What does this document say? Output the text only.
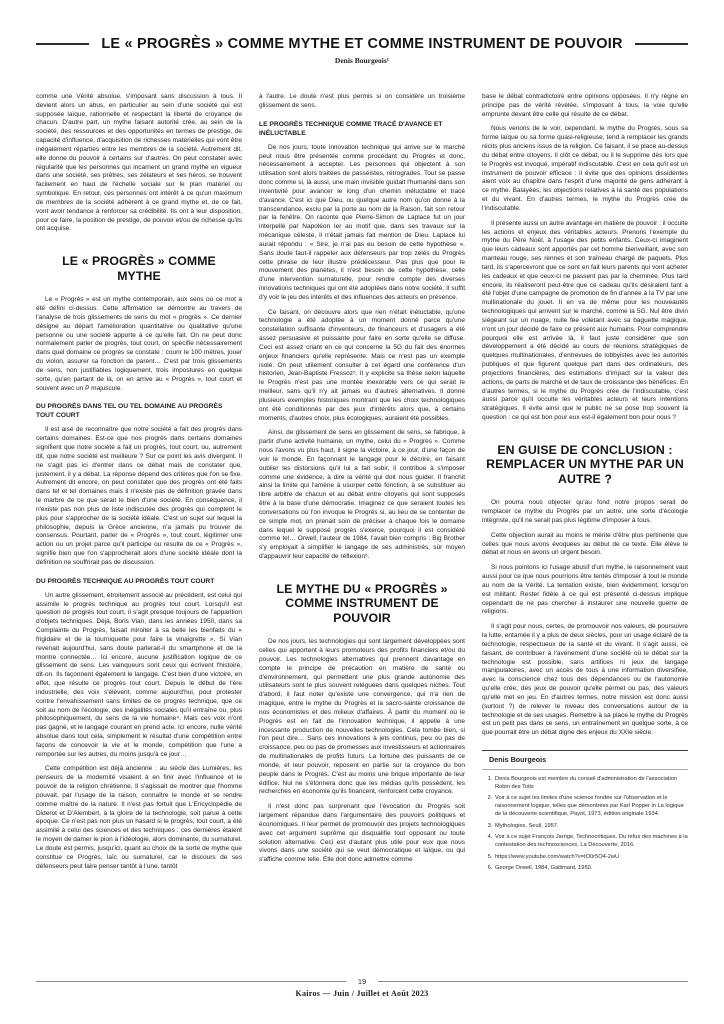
LE « PROGRÈS » COMME MYTHE ET COMME INSTRUMENT DE POUVOIR
Denis Bourgeois¹

comme une Vérité absolue, s'imposant sans discussion à tous. Il devient alors un abus, en particulier au sein d'une société qui est supposée laïque, rationnelle et respectant la liberté de croyance de chacun. D'autre part, un mythe faisant autorité crée, au sein de la société, des ressources et des opportunités en termes de prestige, de capacité d'influence, d'acquisition de richesses matérielles qui vont être inégalement réparties entre les membres de la société. Autrement dit, elle donne du pouvoir à certains sur d'autres. On peut constater avec régularité que les personnes qui incarnent un grand mythe en vigueur dans une société, ses prêtres, ses zélateurs et ses héros, se trouvent facilement en haut de l'échelle sociale sur le plan matériel ou symbolique. En retour, ces personnes ont intérêt à ce qu'un maximum de membres de la société adhèrent à ce grand mythe et, de ce fait, vont avoir tendance à renforcer sa crédibilité. Ils ont à leur disposition, pour ce faire, la position de prestige, de pouvoir et/ou de richesse qu'ils ont acquise.

LE « PROGRÈS » COMME MYTHE

Le « Progrès » est un mythe contemporain, aux sens où ce mot a été défini ci-dessus. Cette affirmation se démontre au travers de l'analyse de trois glissements de sens du mot « progrès ». Ce dernier désigne au départ l'amélioration quantitative ou qualitative qu'une personne ou une société apporte à ce qu'elle fait. On ne peut donc normalement parler de progrès, tout court, on spécifie nécessairement dans quel domaine ce progrès se constate : courir le 100 mètres, jouer du violon, assurer sa fonction de parent… C'est par trois glissements de sens, non justifiables logiquement, trois impostures en quelque sorte, qu'en partant de là, on en arrive au « Progrès », tout court et souvent avec un P majuscule.

DU PROGRÈS DANS TEL OU TEL DOMAINE AU PROGRÈS TOUT COURT

Il est aisé de reconnaître que notre société a fait des progrès dans certains domaines. Est-ce que nos progrès dans certains domaines signifient que notre société a fait un progrès, tout court, ou, autrement dit, que notre société est meilleure ? Sur ce point les avis divergent. Il ne s'agit pas ici d'entrer dans ce débat mais de constater que, justement, il y a débat. La réponse dépend des critères que l'on se fixe. Autrement dit encore, on peut constater que des progrès ont été faits dans tel et tel domaines mais il n'existe pas de définition gravée dans le marbre de ce que serait le bien d'une société. En conséquence, il n'existe pas non plus de liste indiscutée des progrès qui comptent le plus pour s'approcher de la société idéale. C'est un sujet sur lequel la philosophie, depuis la Grèce ancienne, n'a jamais pu trouver de consensus. Pourtant, parler de « Progrès », tout court, légitimer une action ou un projet parce qu'il participe ou résulte de ce « Progrès », signifie bien que l'on s'approcherait alors d'une société idéale dont la définition ne souffrirait pas de discussion.

DU PROGRÈS TECHNIQUE AU PROGRÈS TOUT COURT

Un autre glissement, étroitement associé au précédent, est celui qui assimile le progrès technique au progrès tout court. Lorsqu'il est question de progrès tout court, il s'agit presque toujours de l'apparition d'objets techniques. Déjà, Boris Vian, dans les années 1950, dans sa Complainte du Progrès, faisait miroiter à sa belle les bienfaits du « frigidaire et de la tourniquette pour faire la vinaigrette ». Si Vian revenait aujourd'hui, sans doute parlerait-il du smartphone et de la montre connectée… Ici encore, aucune justification logique de ce glissement de sens. Les vainqueurs sont ceux qui écrivent l'histoire, dit-on. Ils façonnent également le langage. C'est bien d'une victoire, en effet, que résulte ce progrès tout court. Depuis le début de l'ère industrielle, des voix s'élèvent, comme aujourd'hui, pour protester contre l'envahissement sans limites de ce progrès technique, que ce soit au nom de l'écologie, des inégalités sociales qu'il entraîne ou, plus philosophiquement, du sens de la vie humaine⁴. Mais ces voix n'ont pas gagné, et le langage courant en prend acte. Ici encore, nulle vérité absolue dans tout cela, simplement le résultat d'une compétition entre façons de concevoir la vie et le monde, compétition que l'une a remportée sur les autres, du moins jusqu'à ce jour…

Cette compétition est déjà ancienne : au siècle des Lumières, les penseurs de la modernité visaient à en finir avec l'influence et le pouvoir de la religion chrétienne. Il s'agissait de montrer que l'homme pouvait, par l'usage de la raison, connaître le monde et se rendre comme maître de la nature. Il n'est pas fortuit que L'Encyclopédie de Diderot et D'Alembert, à la gloire de la technologie, soit parue à cette époque. Ce n'est pas non plus un hasard si le progrès, tout court, a été assimilé à celui des sciences et des techniques : ces dernières étaient le moyen de damer le pion à l'idéologie, alors dominante, du surnaturel. Le doute est permis, jusqu'ici, quant au choix de la sorte de mythe que constitue ce Progrès, laïc ou surnaturel, car le discours de ses défenseurs peut faire penser tantôt à l'une, tantôt

à l'autre. Le doute n'est plus permis si on considère un troisième glissement de sens.

LE PROGRÈS TECHNIQUE COMME TRACÉ D'AVANCE ET INÉLUCTABLE

De nos jours, toute innovation technique qui arrive sur le marché peut nous être présentée comme procédant du Progrès et donc, nécessairement à accepter. Les personnes qui objectent à son utilisation sont alors traitées de passéistes, rétrogrades. Tout se passe donc comme si, là aussi, une main invisible guidait l'humanité dans son inventivité pour avancer le long d'un chemin inéluctable et tracé d'avance. C'est ici que Dieu, ou quelque autre nom qu'on donne à la transcendance, exclu par la porte au nom de la Raison, fait son retour par la fenêtre. On raconte que Pierre-Simon de Laplace fut un jour interpellé par Napoléon Ier au motif que, dans ses travaux sur la mécanique céleste, il n'était jamais fait mention de Dieu. Laplace lui aurait répondu : « Sire, je n'ai pas eu besoin de cette hypothèse ». Sans doute faut-il rappeler aux défenseurs par trop zélés du Progrès cette phrase de leur illustre prédécesseur. Pas plus que pour le mouvement des planètes, il n'est besoin de cette hypothèse, celle d'une intervention surnaturelle, pour rendre compte des diverses innovations techniques qui ont été adoptées dans notre société. Il suffit d'y voir le jeu des intérêts et des influences des acteurs en présence.

Ce faisant, on découvre alors que rien n'était inéluctable, qu'une technologie a été adoptée à un moment donné parce qu'une constellation suffisante d'inventeurs, de financeurs et d'usagers a été assez persuasive et puissante pour faire en sorte qu'elle se diffuse. Ceci est assez criant en ce qui concerne la 5G du fait des énormes enjeux financiers qu'elle représente. Mais ce n'est pas un exemple isolé. On peut utilement consulter à cet égard une conférence d'un historien, Jean-Baptiste Fressoz⁵. Il y explicite sa thèse selon laquelle le Progrès n'est pas une montée inexorable vers ce qui serait le meilleur, sans qu'il n'y ait jamais eu d'autres alternatives. Il donne plusieurs exemples historiques montrant que les choix technologiques ont été conditionnés par des jeux d'intérêts alors que, à certains moments, d'autres choix, plus écologiques, auraient été possibles.

Ainsi, de glissement de sens en glissement de sens, se fabrique, à partir d'une activité humaine, un mythe, celui du « Progrès ». Comme nous l'avons vu plus haut, il signe la victoire, à ce jour, d'une façon de voir le monde. En façonnant le langage pour le décrire, en faisant oublier les distorsions qu'il lui a fait subir, il contribue à s'imposer comme une évidence, à dire la vérité qui doit nous guider. Il franchit ainsi la limite qui l'amène à usurper cette fonction, à se substituer au libre arbitre de chacun et au débat entre citoyens qui sont supposés être à la base d'une démocratie. Imaginez ce que seraient toutes les conversations où l'on invoque le Progrès si, au lieu de se contenter de ce simple mot, on prenait soin de préciser à chaque fois le domaine dans lequel le supposé progrès s'exerce, pourquoi il est considéré comme tel… Orwell, l'auteur de 1984, l'avait bien compris : Big Brother s'y employait à simplifier le langage de ses administrés, sûr moyen d'appauvrir leur capacité de réflexion⁶.

LE MYTHE DU « PROGRÈS » COMME INSTRUMENT DE POUVOIR

De nos jours, les technologies qui sont largement développées sont celles qui apportent à leurs promoteurs des profits financiers et/ou du pouvoir. Les technologies alternatives qui prennent davantage en compte le principe de précaution en matière de santé ou d'environnement, qui permettent une plus grande autonomie des utilisateurs sont le plus souvent reléguées dans quelques niches. Tout d'abord, il faut noter qu'existe une convergence, qui n'a rien de magique, entre le mythe du Progrès et la sacro-sainte croissance de nos économistes et des milieux d'affaires. À partir du moment où le Progrès est en fait de l'innovation technique, il appelle à une incessante production de nouvelles technologies. Cela tombe bien, si l'on peut dire… Sans ces innovations à jets continus, peu ou pas de croissance, peu ou pas de promesses aux investisseurs et actionnaires de multinationales de profits futurs. La fortune des puissants de ce monde, et leur pouvoir, reposent en partie sur la croyance du bon peuple dans le Progrès. C'est au moins une brique importante de leur édifice. Nul ne s'étonnera donc que les médias qu'ils possèdent, les recherches en économie qu'ils financent, renforcent cette croyance.

Il n'est donc pas surprenant que l'évocation du Progrès soit largement répandue dans l'argumentaire des pouvoirs politiques et économiques. Il leur permet de promouvoir des projets technologiques avec cet argument suprême qui disqualifie tout opposant ou toute solution alternative. Ceci est d'autant plus utile pour eux que nous vivons dans une société qui se veut démocratique et laïque, ou qui s'affiche comme telle. Elle doit donc admettre comme

base le débat contradictoire entre opinions opposées. Il n'y règne en principe pas de vérité révélée, s'imposant à tous, la voie qu'elle emprunte devant être celle qui résulte de ce débat.

Nous venons de le voir, cependant, le mythe du Progrès, sous sa forme laïque ou sa forme quasi-religieuse, tend à remplacer les grands récits plus anciens issus de la religion. Ce faisant, il se place au-dessus du débat entre citoyens. Il clôt ce débat, ou il le supprime dès lors que le Progrès est invoqué, impératif indiscutable. C'est en cela qu'il est un instrument de pouvoir efficace : il évite que des opinions dissidentes aient voix au chapitre dans l'esprit d'une majorité de gens adhérant à ce mythe. Balayées, les objections relatives à la santé des populations et du vivant. En d'autres termes, le mythe du Progrès crée de l'indiscutable.

Il présente aussi un autre avantage en matière de pouvoir : il occulte les actions et enjeux des véritables acteurs. Prenons l'exemple du mythe du Père Noël, à l'usage des petits enfants. Ceux-ci imaginent que leurs cadeaux sont apportés par cet homme bienveillant, avec son manteau rouge, ses rennes et son traîneau chargé de paquets. Plus tard, ils s'apercevront que ce sont en fait leurs parents qui vont acheter les cadeaux et que ceux-ci ne passent pas par la cheminée. Plus tard encore, ils réaliseront peut-être que ce cadeau qu'ils désiraient tant a été l'objet d'une campagne de promotion de fin d'année à la TV par une multinationale du jouet. Il en va de même pour les nouveautés technologiques qui arrivent sur le marché, comme la 5G. Nul être divin siégeant sur un nuage, nulle fée voletant avec sa baguette magique, n'ont un jour décidé de faire ce présent aux humains. Pour comprendre pourquoi elle est arrivée là, il faut juste considérer que son développement a été décidé au cours de réunions stratégiques de quelques multinationales, d'entrevues de lobbyistes avec les autorités publiques et que figurent quelque part dans des ordinateurs, des projections financières, des estimations d'impact sur la valeur des actions, de parts de marché et de taux de croissance des bénéfices. En d'autres termes, si le mythe du Progrès crée de l'indiscutable, c'est aussi parce qu'il occulte les véritables acteurs et leurs intentions stratégiques. Il évite ainsi que le public ne se pose trop souvent la question : ce qui est bon pour eux est-il également bon pour nous ?

EN GUISE DE CONCLUSION : REMPLACER UN MYTHE PAR UN AUTRE ?

On pourra nous objecter qu'au fond notre propos serait de remplacer ce mythe du Progrès par un autre, une sorte d'écologie intégriste, qu'il ne serait pas plus légitime d'imposer à tous.

Cette objection aurait au moins le mérite d'être plus pertinente que celles que nous avons évoquées au début de ce texte. Elle élève le débat et nous en avons un urgent besoin.

Si nous pointons ici l'usage abusif d'un mythe, le raisonnement vaut aussi pour ce que nous pourrions être tentés d'imposer à tout le monde au nom de la Vérité. La tentation existe, bien évidemment, lorsqu'on est militant. Rester fidèle à ce qui est présenté ci-dessus implique cependant de ne pas chercher à instaurer une nouvelle guerre de religions.

Il s'agit pour nous, certes, de promouvoir nos valeurs, de poursuivre la lutte, entamée il y a plus de deux siècles, pour un usage éclairé de la technologie, respectueux de la santé et du vivant. Il s'agit aussi, ce faisant, de contribuer à l'avènement d'une société où le débat sur la technologie est possible, sans artifices ni jeux de langage manipulatoires, avec un accès de tous à une information diversifiée, avec la conscience chez tous des dépendances ou de l'autonomie qu'elle crée, des jeux de pouvoir qu'elle permet ou pas, des valeurs qu'elle met en jeu. En d'autres termes, notre mission est donc aussi (surtout ?) de relever le niveau des conversations autour de la technologie et de ses usages. Remettre à sa place le mythe du Progrès est un petit pas dans ce sens, un entraînement en quelque sorte, à ce que pourrait être un débat digne des enjeux du XXIe siècle.

Denis Bourgeois
1. Denis Bourgeois est membre du conseil d'administration de l'association Robin des Toits
2. Voir à ce sujet les limites d'une science fondée sur l'observation et le raisonnement logique, telles que démontrées par Karl Popper in La logique de la découverte scientifique, Payot, 1973, édition originale 1934.
3. Mythologies, Seuil, 1957.
4. Voir à ce sujet François Jarrige, Technocritiques. Du refus des machines à la contestation des technosciences, La Découverte, 2016.
5. https://www.youtube.com/watch?v=tO0r5O4-2wU
6. George Orwell, 1984, Gallimard, 1950.
19
Kairos — Juin / Juillet et Août 2023
